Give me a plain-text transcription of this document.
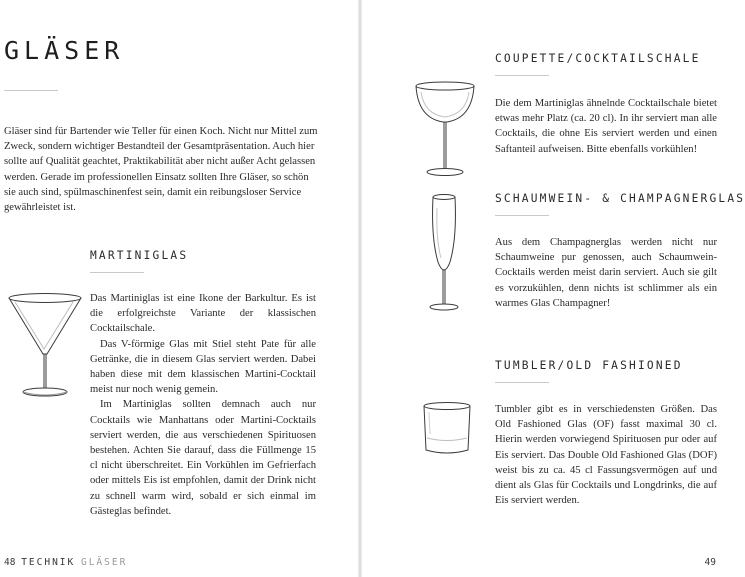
GLÄSER
Gläser sind für Bartender wie Teller für einen Koch. Nicht nur Mittel zum Zweck, sondern wichtiger Bestandteil der Gesamtpräsentation. Auch hier sollte auf Qualität geachtet, Praktikabilität aber nicht außer Acht gelassen werden. Gerade im professionellen Einsatz sollten Ihre Gläser, so schön sie auch sind, spülmaschinenfest sein, damit ein reibungsloser Service gewährleistet ist.
MARTINIGLAS

Das Martiniglas ist eine Ikone der Barkultur. Es ist die erfolgreichste Variante der klassischen Cocktailschale.

Das V-förmige Glas mit Stiel steht Pate für alle Getränke, die in diesem Glas serviert werden. Dabei haben diese mit dem klassischen Martini-Cocktail meist nur noch wenig gemein.

Im Martiniglas sollten demnach auch nur Cocktails wie Manhattans oder Martini-Cocktails serviert werden, die aus verschiedenen Spirituosen bestehen. Achten Sie darauf, dass die Füllmenge 15 cl nicht überschreitet. Ein Vorkühlen im Gefrierfach oder mittels Eis ist empfohlen, damit der Drink nicht zu schnell warm wird, sobald er sich einmal im Gästeglas befindet.

48 TECHNIK GLÄSER
COUPETTE/COCKTAILSCHALE
Die dem Martiniglas ähnelnde Cocktailschale bietet etwas mehr Platz (ca. 20 cl). In ihr serviert man alle Cocktails, die ohne Eis serviert werden und einen Saftanteil aufweisen. Bitte ebenfalls vorkühlen!
SCHAUMWEIN- & CHAMPAGNERGLAS
Aus dem Champagnerglas werden nicht nur Schaumweine pur genossen, auch Schaumwein-Cocktails werden meist darin serviert. Auch sie gilt es vorzukühlen, denn nichts ist schlimmer als ein warmes Glas Champagner!
TUMBLER/OLD FASHIONED
Tumbler gibt es in verschiedensten Größen. Das Old Fashioned Glas (OF) fasst maximal 30 cl. Hierin werden vorwiegend Spirituosen pur oder auf Eis serviert. Das Double Old Fashioned Glas (DOF) weist bis zu ca. 45 cl Fassungsvermögen auf und dient als Glas für Cocktails und Longdrinks, die auf Eis serviert werden.
49
